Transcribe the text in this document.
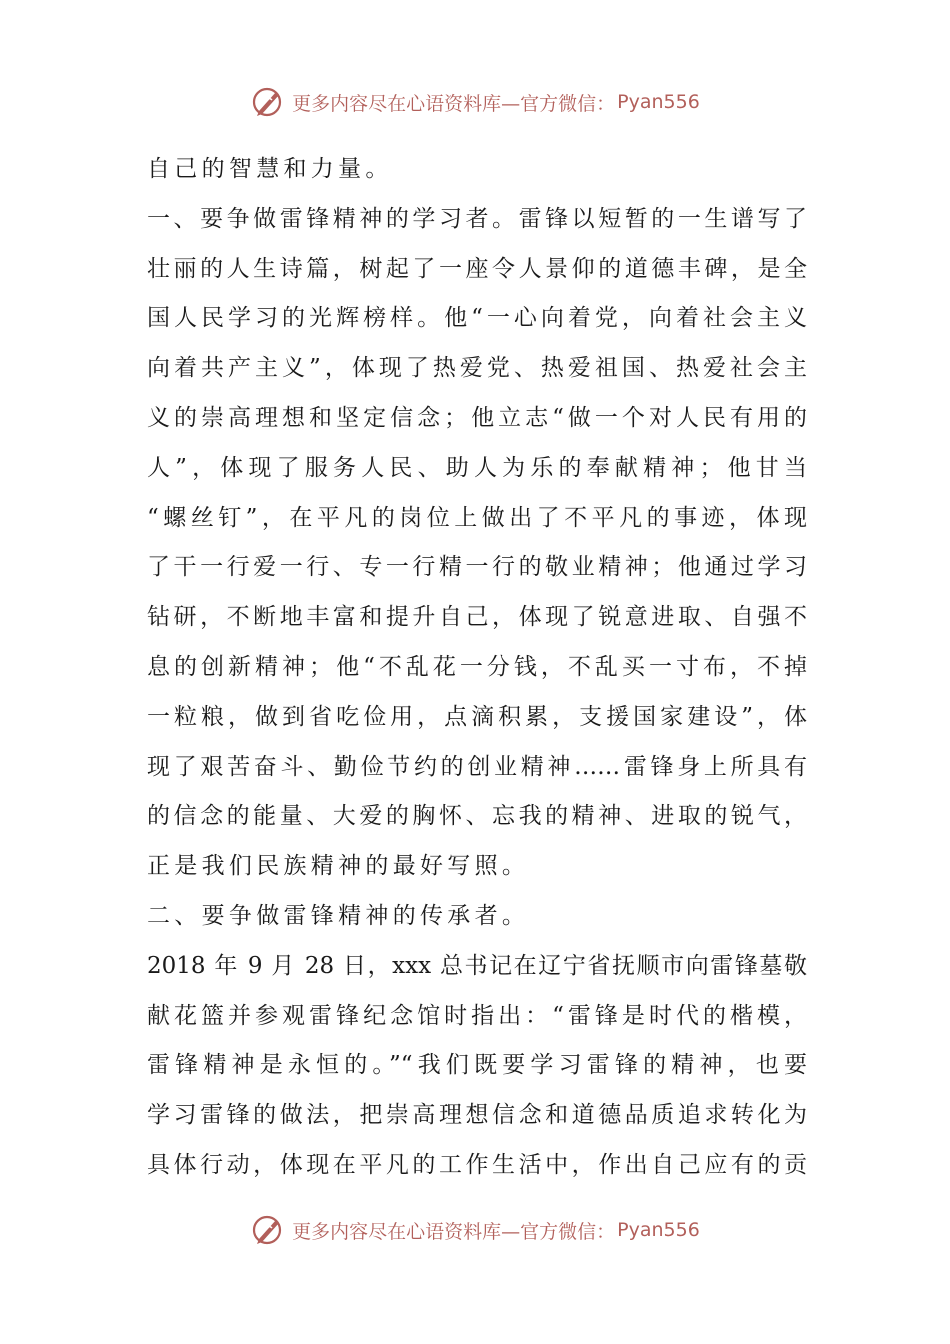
更多内容尽在心语资料库—官方微信： Pyan556
自己的智慧和力量。
一、要争做雷锋精神的学习者。雷锋以短暂的一生谱写了
壮丽的人生诗篇，树起了一座令人景仰的道德丰碑，是全
国人民学习的光辉榜样。他“一心向着党，向着社会主义
向着共产主义”，体现了热爱党、热爱祖国、热爱社会主
义的崇高理想和坚定信念；他立志“做一个对人民有用的
人”，体现了服务人民、助人为乐的奉献精神；他甘当
“螺丝钉”，在平凡的岗位上做出了不平凡的事迹，体现
了干一行爱一行、专一行精一行的敬业精神；他通过学习
钻研，不断地丰富和提升自己，体现了锐意进取、自强不
息的创新精神；他“不乱花一分钱，不乱买一寸布，不掉
一粒粮，做到省吃俭用，点滴积累，支援国家建设”，体
现了艰苦奋斗、勤俭节约的创业精神……雷锋身上所具有
的信念的能量、大爱的胸怀、忘我的精神、进取的锐气，
正是我们民族精神的最好写照。
二、要争做雷锋精神的传承者。
2018 年 9 月 28 日，xxx 总书记在辽宁省抚顺市向雷锋墓敬
献花篮并参观雷锋纪念馆时指出：“雷锋是时代的楷模，
雷锋精神是永恒的。”“我们既要学习雷锋的精神，也要
学习雷锋的做法，把崇高理想信念和道德品质追求转化为
具体行动，体现在平凡的工作生活中，作出自己应有的贡
更多内容尽在心语资料库—官方微信： Pyan556
